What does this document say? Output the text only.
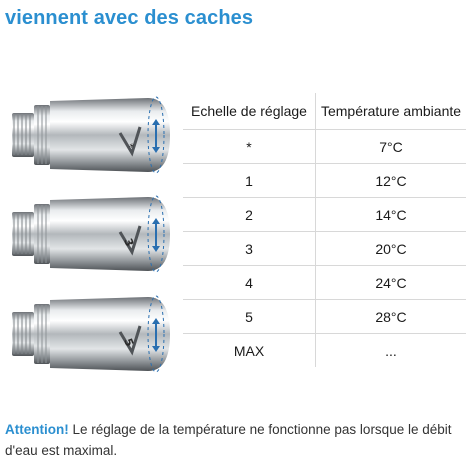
viennent avec des caches
*
3
5
Echelle de réglage	Température ambiante
*	7°C
1	12°C
2	14°C
3	20°C
4	24°C
5	28°C
MAX	...

Attention! Le réglage de la température ne fonctionne pas lorsque le débit d'eau est maximal.
